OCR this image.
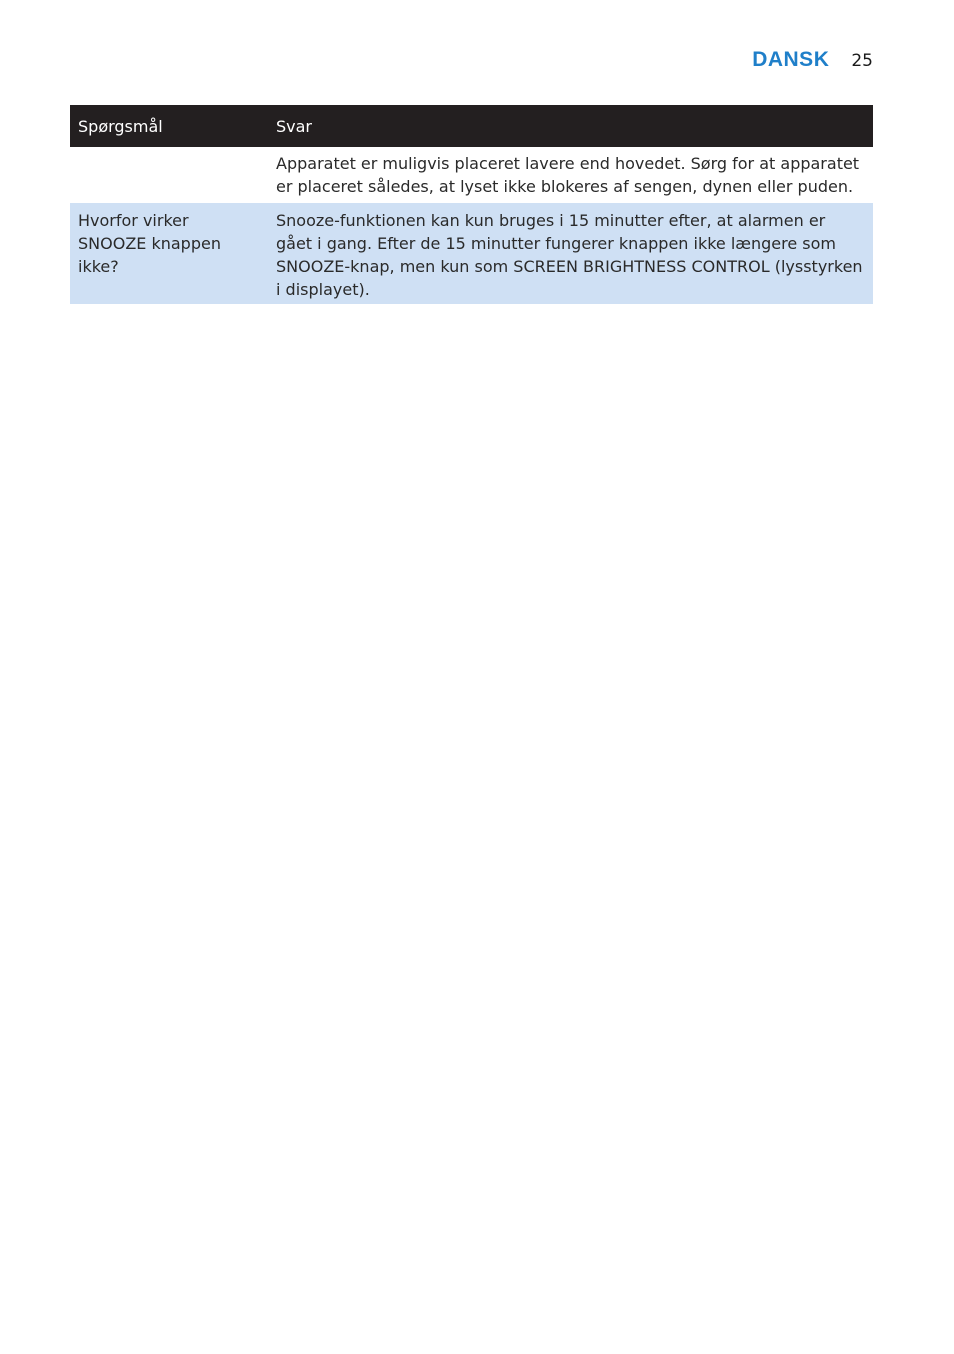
DANSK 25
Spørgsmål	Svar
	Apparatet er muligvis placeret lavere end hovedet. Sørg for at apparatet er placeret således, at lyset ikke blokeres af sengen, dynen eller puden.
Hvorfor virker SNOOZE knappen ikke?	Snooze-funktionen kan kun bruges i 15 minutter efter, at alarmen er gået i gang. Efter de 15 minutter fungerer knappen ikke længere som SNOOZE-knap, men kun som SCREEN BRIGHTNESS CONTROL (lysstyrken i displayet).
